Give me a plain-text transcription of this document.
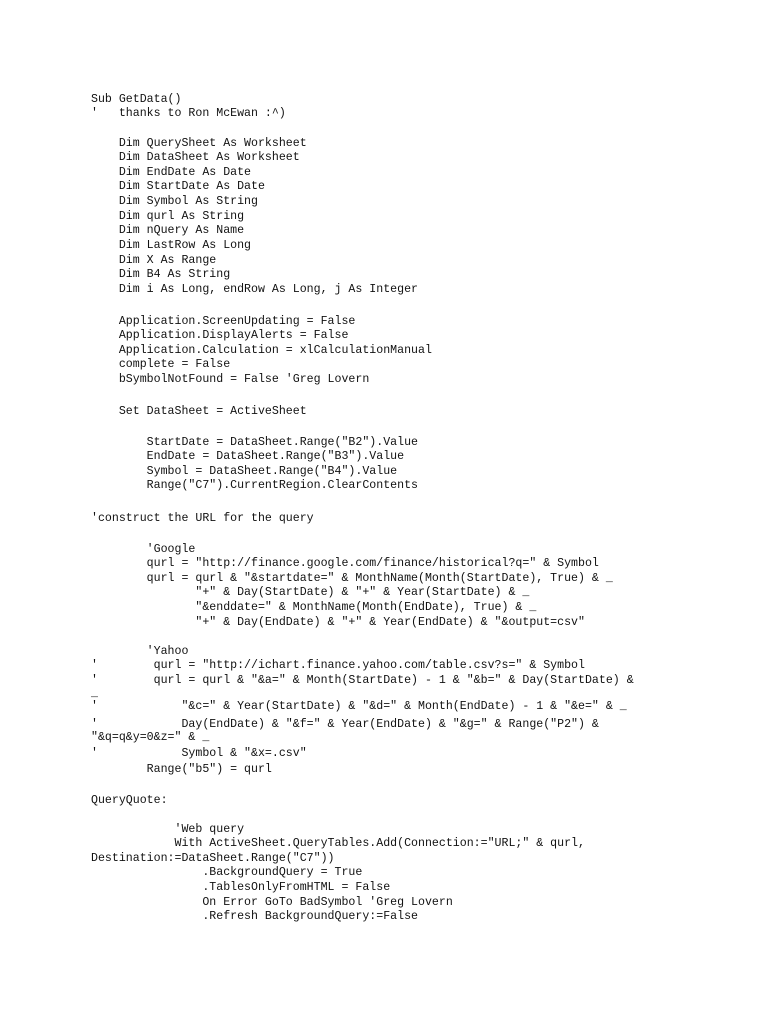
Sub GetData()
'   thanks to Ron McEwan :^)
Dim QuerySheet As Worksheet
Dim DataSheet As Worksheet
Dim EndDate As Date
Dim StartDate As Date
Dim Symbol As String
Dim qurl As String
Dim nQuery As Name
Dim LastRow As Long
Dim X As Range
Dim B4 As String
Dim i As Long, endRow As Long, j As Integer
Application.ScreenUpdating = False
Application.DisplayAlerts = False
Application.Calculation = xlCalculationManual
complete = False
bSymbolNotFound = False 'Greg Lovern
Set DataSheet = ActiveSheet
StartDate = DataSheet.Range("B2").Value
EndDate = DataSheet.Range("B3").Value
Symbol = DataSheet.Range("B4").Value
Range("C7").CurrentRegion.ClearContents
'construct the URL for the query
'Google
qurl = "http://finance.google.com/finance/historical?q=" & Symbol
qurl = qurl & "&startdate=" & MonthName(Month(StartDate), True) & _
"+" & Day(StartDate) & "+" & Year(StartDate) & _
"&enddate=" & MonthName(Month(EndDate), True) & _
"+" & Day(EndDate) & "+" & Year(EndDate) & "&output=csv"
'Yahoo
'        qurl = "http://ichart.finance.yahoo.com/table.csv?s=" & Symbol
'        qurl = qurl & "&a=" & Month(StartDate) - 1 & "&b=" & Day(StartDate) &
_
'            "&c=" & Year(StartDate) & "&d=" & Month(EndDate) - 1 & "&e=" & _
'            Day(EndDate) & "&f=" & Year(EndDate) & "&g=" & Range("P2") &
"&q=q&y=0&z=" & _
'            Symbol & "&x=.csv"
Range("b5") = qurl
QueryQuote:
'Web query
With ActiveSheet.QueryTables.Add(Connection:="URL;" & qurl,
Destination:=DataSheet.Range("C7"))
.BackgroundQuery = True
.TablesOnlyFromHTML = False
On Error GoTo BadSymbol 'Greg Lovern
.Refresh BackgroundQuery:=False
